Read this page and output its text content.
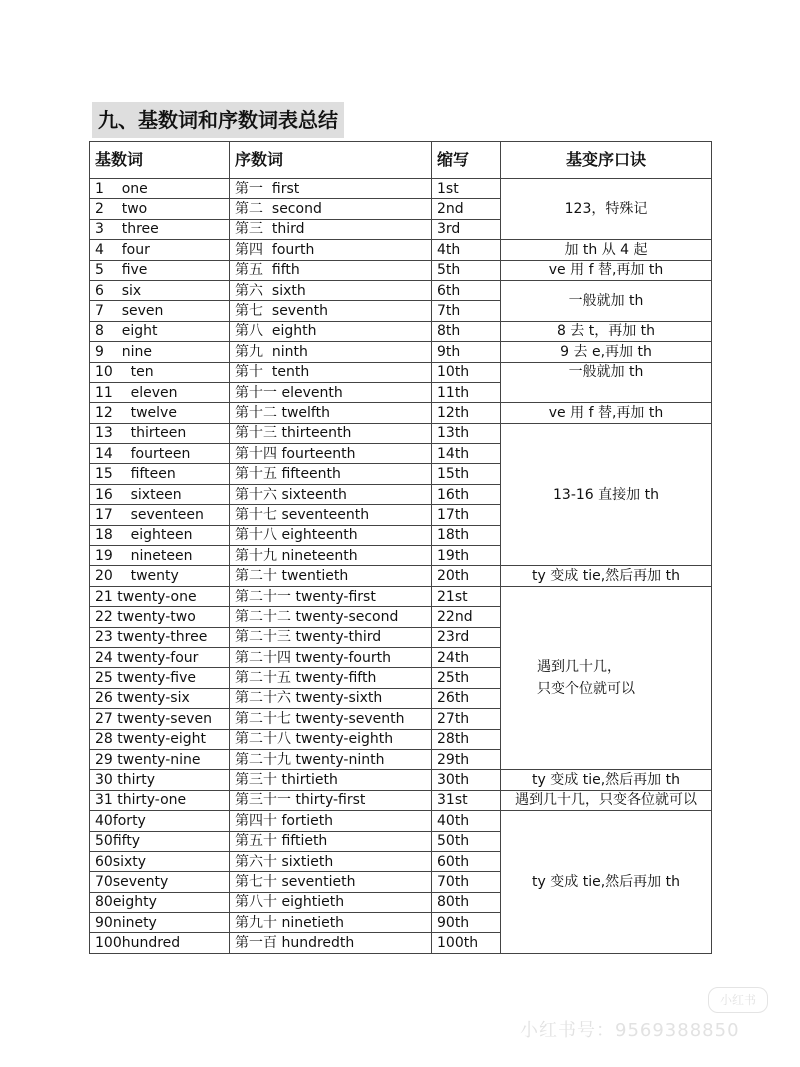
九、基数词和序数词表总结
基数词	序数词	缩写	基变序口诀
1    one	第一  first	1st	123，特殊记
2    two	第二  second	2nd	
3    three	第三  third	3rd	
4    four	第四  fourth	4th	加 th 从 4 起
5    five	第五  fifth	5th	ve 用 f 替,再加 th
6    six	第六  sixth	6th	一般就加 th
7    seven	第七  seventh	7th	
8    eight	第八  eighth	8th	8 去 t，再加 th
9    nine	第九  ninth	9th	9 去 e,再加 th
10    ten	第十  tenth	10th	一般就加 th
11    eleven	第十一 eleventh	11th	
12    twelve	第十二 twelfth	12th	ve 用 f 替,再加 th
13    thirteen	第十三 thirteenth	13th	13-16 直接加 th
14    fourteen	第十四 fourteenth	14th	
15    fifteen	第十五 fifteenth	15th	
16    sixteen	第十六 sixteenth	16th	
17    seventeen	第十七 seventeenth	17th	
18    eighteen	第十八 eighteenth	18th	
19    nineteen	第十九 nineteenth	19th	
20    twenty	第二十 twentieth	20th	ty 变成 tie,然后再加 th
21 twenty-one	第二十一 twenty-first	21st	遇到几十几，
只变个位就可以
22 twenty-two	第二十二 twenty-second	22nd	
23 twenty-three	第二十三 twenty-third	23rd	
24 twenty-four	第二十四 twenty-fourth	24th	
25 twenty-five	第二十五 twenty-fifth	25th	
26 twenty-six	第二十六 twenty-sixth	26th	
27 twenty-seven	第二十七 twenty-seventh	27th	
28 twenty-eight	第二十八 twenty-eighth	28th	
29 twenty-nine	第二十九 twenty-ninth	29th	
30 thirty	第三十 thirtieth	30th	ty 变成 tie,然后再加 th
31 thirty-one	第三十一 thirty-first	31st	遇到几十几，只变各位就可以
40forty	第四十 fortieth	40th	ty 变成 tie,然后再加 th
50fifty	第五十 fiftieth	50th	
60sixty	第六十 sixtieth	60th	
70seventy	第七十 seventieth	70th	
80eighty	第八十 eightieth	80th	
90ninety	第九十 ninetieth	90th	
100hundred	第一百 hundredth	100th	
小红书
小红书号：9569388850
